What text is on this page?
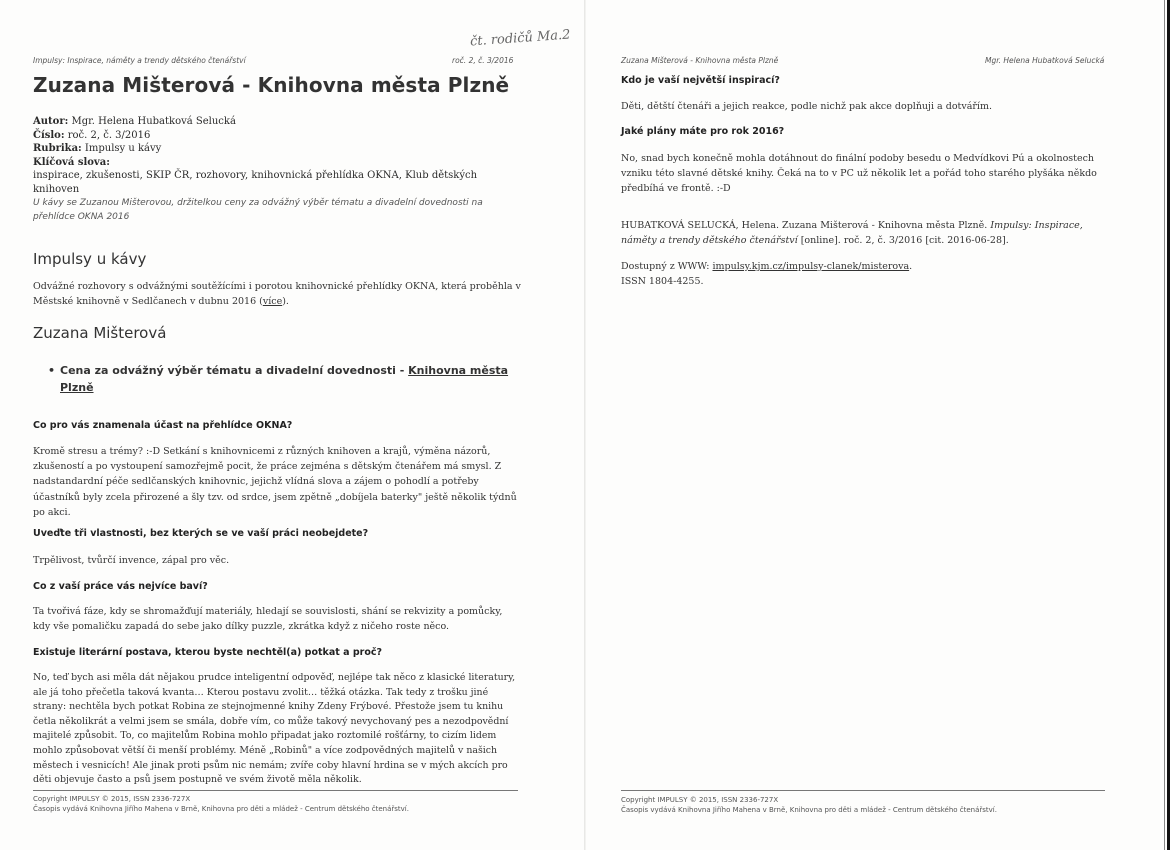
Impulsy: Inspirace, náměty a trendy dětského čtenářství	roč. 2, č. 3/2016
čt. rodičů Ma.2
Zuzana Mišterová - Knihovna města Plzně
Autor: Mgr. Helena Hubatková Selucká
Číslo: roč. 2, č. 3/2016
Rubrika: Impulsy u kávy
Klíčová slova:
inspirace, zkušenosti, SKIP ČR, rozhovory, knihovnická přehlídka OKNA, Klub dětských knihoven
U kávy se Zuzanou Mišterovou, držitelkou ceny za odvážný výběr tématu a divadelní dovednosti na přehlídce OKNA 2016
Impulsy u kávy

Odvážné rozhovory s odvážnými soutěžícími i porotou knihovnické přehlídky OKNA, která proběhla v Městské knihovně v Sedlčanech v dubnu 2016 (více).

Zuzana Mišterová
• Cena za odvážný výběr tématu a divadelní dovednosti - Knihovna města Plzně

Co pro vás znamenala účast na přehlídce OKNA?

Kromě stresu a trémy? :-D Setkání s knihovnicemi z různých knihoven a krajů, výměna názorů, zkušeností a po vystoupení samozřejmě pocit, že práce zejména s dětským čtenářem má smysl. Z nadstandardní péče sedlčanských knihovnic, jejichž vlídná slova a zájem o pohodlí a potřeby účastníků byly zcela přirozené a šly tzv. od srdce, jsem zpětně „dobíjela baterky" ještě několik týdnů po akci.

Uveďte tři vlastnosti, bez kterých se ve vaší práci neobejdete?

Trpělivost, tvůrčí invence, zápal pro věc.

Co z vaší práce vás nejvíce baví?

Ta tvořivá fáze, kdy se shromažďují materiály, hledají se souvislosti, shání se rekvizity a pomůcky, kdy vše pomaličku zapadá do sebe jako dílky puzzle, zkrátka když z ničeho roste něco.

Existuje literární postava, kterou byste nechtěl(a) potkat a proč?

No, teď bych asi měla dát nějakou prudce inteligentní odpověď, nejlépe tak něco z klasické literatury, ale já toho přečetla taková kvanta… Kterou postavu zvolit… těžká otázka. Tak tedy z trošku jiné strany: nechtěla bych potkat Robina ze stejnojmenné knihy Zdeny Frýbové. Přestože jsem tu knihu četla několikrát a velmi jsem se smála, dobře vím, co může takový nevychovaný pes a nezodpovědní majitelé způsobit. To, co majitelům Robina mohlo připadat jako roztomilé rošťárny, to cizím lidem mohlo způsobovat větší či menší problémy. Méně „Robinů" a více zodpovědných majitelů v našich městech i vesnicích! Ale jinak proti psům nic nemám; zvíře coby hlavní hrdina se v mých akcích pro děti objevuje často a psů jsem postupně ve svém životě měla několik.

Copyright IMPULSY © 2015, ISSN 2336-727X
Časopis vydává Knihovna Jiřího Mahena v Brně, Knihovna pro děti a mládež - Centrum dětského čtenářství.
Zuzana Mišterová - Knihovna města Plzně	Mgr. Helena Hubatková Selucká

Kdo je vaší největší inspirací?

Děti, dětští čtenáři a jejich reakce, podle nichž pak akce doplňuji a dotvářím.

Jaké plány máte pro rok 2016?

No, snad bych konečně mohla dotáhnout do finální podoby besedu o Medvídkovi Pú a okolnostech vzniku této slavné dětské knihy. Čeká na to v PC už několik let a pořád toho starého plyšáka někdo předbíhá ve frontě. :-D

HUBATKOVÁ SELUCKÁ, Helena. Zuzana Mišterová - Knihovna města Plzně. Impulsy: Inspirace, náměty a trendy dětského čtenářství [online]. roč. 2, č. 3/2016 [cit. 2016-06-28].

Dostupný z WWW: impulsy.kjm.cz/impulsy-clanek/misterova.
ISSN 1804-4255.

Copyright IMPULSY © 2015, ISSN 2336-727X
Časopis vydává Knihovna Jiřího Mahena v Brně, Knihovna pro děti a mládež - Centrum dětského čtenářství.
